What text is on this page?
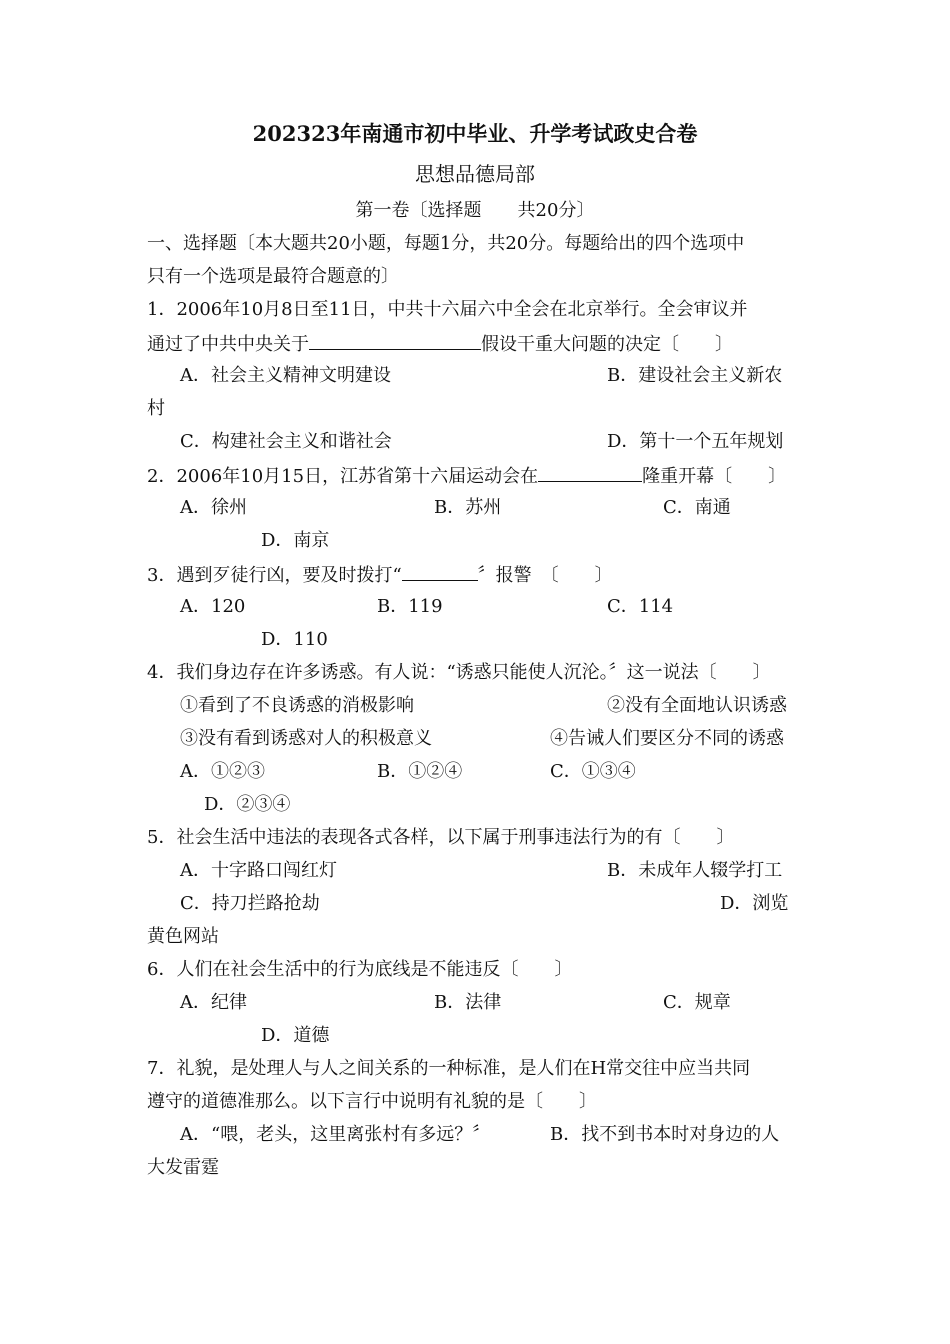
202323年南通市初中毕业、升学考试政史合卷
思想品德局部
第一卷〔选择题　　共20分〕
一、选择题〔本大题共20小题，每题1分，共20分。每题给出的四个选项中
只有一个选项是最符合题意的〕
1．2006年10月8日至11日，中共十六届六中全会在北京举行。全会审议并
通过了中共中央关于	假设干重大问题的决定〔　　〕
A．社会主义精神文明建设	B．建设社会主义新农
村
C．构建社会主义和谐社会	D．第十一个五年规划
2．2006年10月15日，江苏省第十六届运动会在	隆重开幕〔　　〕
A．徐州	B．苏州	C．南通
D．南京
3．遇到歹徒行凶，要及时拨打“	〞报警　〔　　〕
A．120	B．119	C．114
D．110
4．我们身边存在许多诱惑。有人说：“诱惑只能使人沉沦。〞这一说法〔　　〕
①看到了不良诱惑的消极影响	②没有全面地认识诱惑
③没有看到诱惑对人的积极意义	④告诫人们要区分不同的诱惑
A．①②③	B．①②④	C．①③④
D．②③④
5．社会生活中违法的表现各式各样，以下属于刑事违法行为的有〔　　〕
A．十字路口闯红灯	B．未成年人辍学打工
C．持刀拦路抢劫	D．浏览
黄色网站
6．人们在社会生活中的行为底线是不能违反〔　　〕
A．纪律	B．法律	C．规章
D．道德
7．礼貌，是处理人与人之间关系的一种标准，是人们在H常交往中应当共同
遵守的道德准那么。以下言行中说明有礼貌的是〔　　〕
A．“喂，老头，这里离张村有多远？〞	B．找不到书本时对身边的人
大发雷霆
